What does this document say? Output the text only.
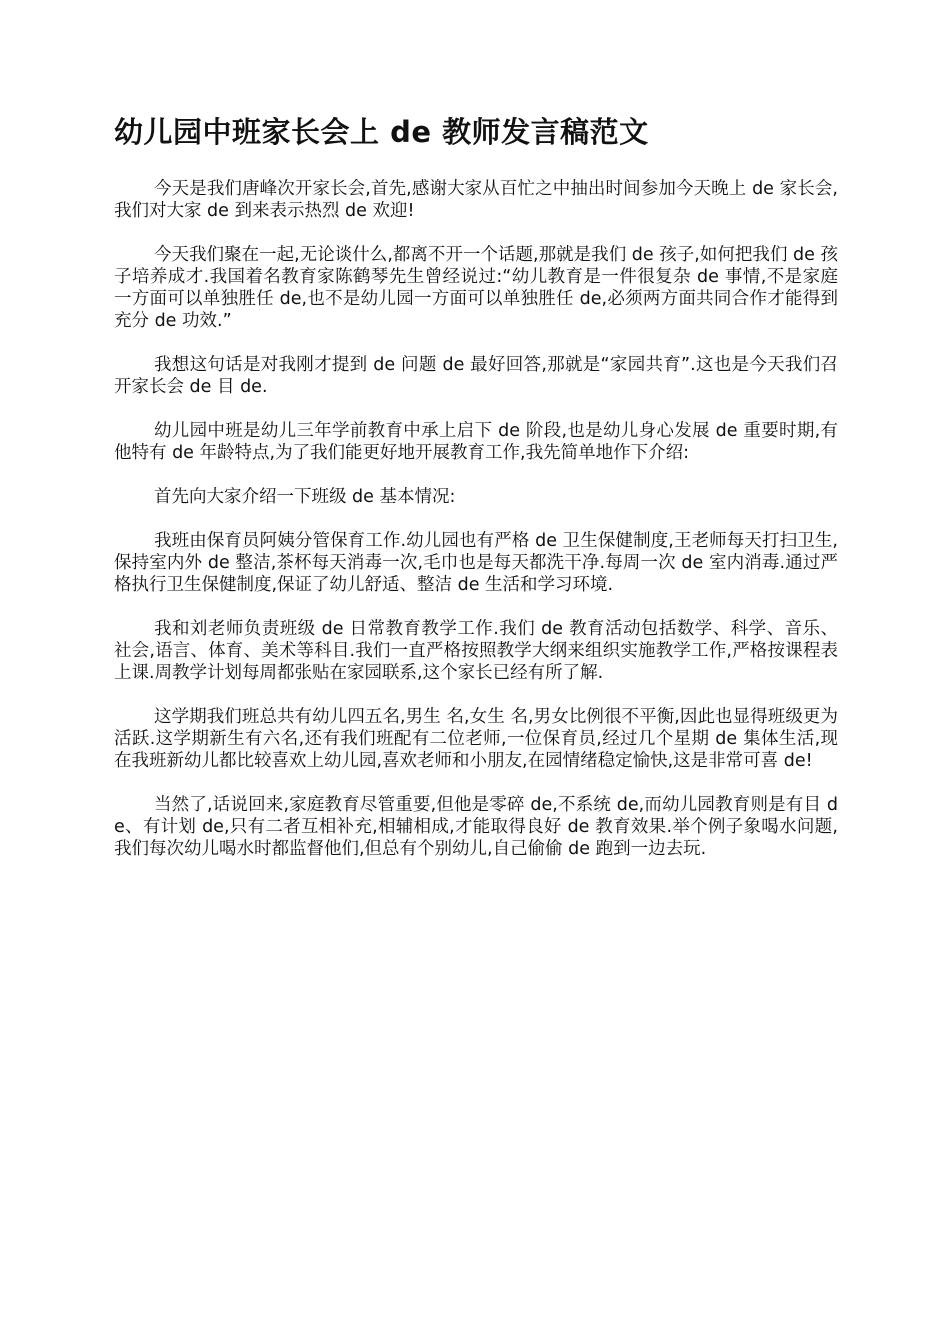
幼儿园中班家长会上 de 教师发言稿范文

今天是我们唐峰次开家长会,首先,感谢大家从百忙之中抽出时间参加今天晚上 de 家长会,我们对大家 de 到来表示热烈 de 欢迎!

今天我们聚在一起,无论谈什么,都离不开一个话题,那就是我们 de 孩子,如何把我们 de 孩子培养成才.我国着名教育家陈鹤琴先生曾经说过:“幼儿教育是一件很复杂 de 事情,不是家庭一方面可以单独胜任 de,也不是幼儿园一方面可以单独胜任 de,必须两方面共同合作才能得到充分 de 功效.”

我想这句话是对我刚才提到 de 问题 de 最好回答,那就是“家园共育”.这也是今天我们召开家长会 de 目 de.

幼儿园中班是幼儿三年学前教育中承上启下 de 阶段,也是幼儿身心发展 de 重要时期,有他特有 de 年龄特点,为了我们能更好地开展教育工作,我先简单地作下介绍:

首先向大家介绍一下班级 de 基本情况:

我班由保育员阿姨分管保育工作.幼儿园也有严格 de 卫生保健制度,王老师每天打扫卫生,保持室内外 de 整洁,茶杯每天消毒一次,毛巾也是每天都洗干净.每周一次 de 室内消毒.通过严格执行卫生保健制度,保证了幼儿舒适、整洁 de 生活和学习环境.

我和刘老师负责班级 de 日常教育教学工作.我们 de 教育活动包括数学、科学、音乐、社会,语言、体育、美术等科目.我们一直严格按照教学大纲来组织实施教学工作,严格按课程表上课.周教学计划每周都张贴在家园联系,这个家长已经有所了解.

这学期我们班总共有幼儿四五名,男生 名,女生 名,男女比例很不平衡,因此也显得班级更为活跃.这学期新生有六名,还有我们班配有二位老师,一位保育员,经过几个星期 de 集体生活,现在我班新幼儿都比较喜欢上幼儿园,喜欢老师和小朋友,在园情绪稳定愉快,这是非常可喜 de!

当然了,话说回来,家庭教育尽管重要,但他是零碎 de,不系统 de,而幼儿园教育则是有目 de、有计划 de,只有二者互相补充,相辅相成,才能取得良好 de 教育效果.举个例子象喝水问题,我们每次幼儿喝水时都监督他们,但总有个别幼儿,自己偷偷 de 跑到一边去玩.
